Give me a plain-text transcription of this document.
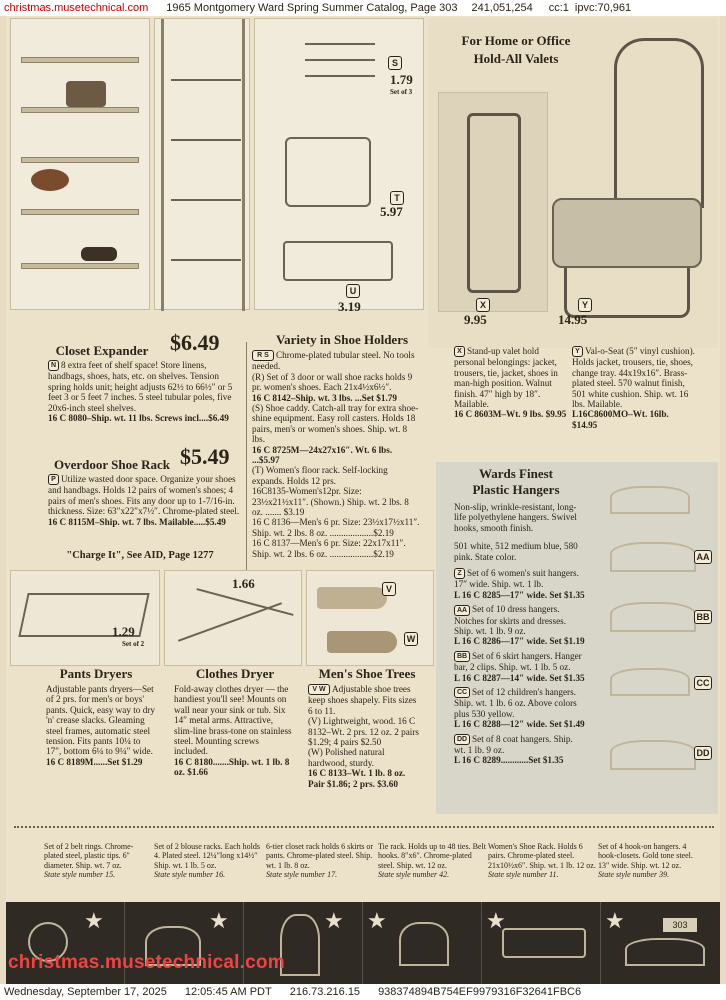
christmas.musetechnical.com 1965 Montgomery Ward Spring Summer Catalog, Page 303 241,051,254 cc:1 ipvc:70,961
S
1.79
Set of 3
T
5.97
U
3.19
For Home or Office
Hold-All Valets
X
9.95
Y
14.95
Closet Expander $6.49
N 8 extra feet of shelf space! Store linens, handbags, shoes, hats, etc. on shelves. Tension spring holds unit; height adjusts 62½ to 66½″ or 5 feet 3 or 5 feet 7 inches. 5 steel tubular poles, five 20x6-inch steel shelves.
16 C 8080–Ship. wt. 11 lbs. Screws incl....$6.49
Overdoor Shoe Rack $5.49
P Utilize wasted door space. Organize your shoes and handbags. Holds 12 pairs of women's shoes; 4 pairs of men's shoes. Fits any door up to 1-7/16-in. thickness. Size: 63″x22″x7½″. Chrome-plated steel.
16 C 8115M–Ship. wt. 7 lbs. Mailable.....$5.49
"Charge It", See AID, Page 1277
Variety in Shoe Holders
R S Chrome-plated tubular steel. No tools needed.
(R) Set of 3 door or wall shoe racks holds 9 pr. women's shoes. Each 21x4½x6½″.
16 C 8142–Ship. wt. 3 lbs. ...Set $1.79
(S) Shoe caddy. Catch-all tray for extra shoe-shine equipment. Easy roll casters. Holds 18 pairs, men's or women's shoes. Ship. wt. 8 lbs.
16 C 8725M—24x27x16″. Wt. 6 lbs. ...$5.97
(T) Women's floor rack. Self-locking expands. Holds 12 prs.
16C8135-Women's12pr. Size: 23½x21½x11″. (Shown.) Ship. wt. 2 lbs. 8 oz. ....... $3.19
16 C 8136—Men's 6 pr. Size: 23½x17½x11″. Ship. wt. 2 lbs. 8 oz. ...................$2.19
16 C 8137—Men's 6 pr. Size: 22x17x11″. Ship. wt. 2 lbs. 6 oz. ...................$2.19
X Stand-up valet hold personal belongings: jacket, trousers, tie, jacket, shoes in man-high position. Walnut finish. 47″ high by 18″. Mailable.
16 C 8603M–Wt. 9 lbs. $9.95
Y Val-o-Seat (5″ vinyl cushion). Holds jacket, trousers, tie, shoes, change tray. 44x19x16″. Brass-plated steel. 570 walnut finish, 501 white cushion. Ship. wt. 16 lbs. Mailable.
L16C8600MO–Wt. 16lb. $14.95
Wards Finest
Plastic Hangers
Non-slip, wrinkle-resistant, long-life polyethylene hangers. Swivel hooks, smooth finish.
501 white, 512 medium blue, 580 pink. State color.
Z Set of 6 women's suit hangers. 17″ wide. Ship. wt. 1 lb.
L 16 C 8285—17″ wide. Set $1.35
AA Set of 10 dress hangers. Notches for skirts and dresses. Ship. wt. 1 lb. 9 oz.
L 16 C 8286—17″ wide. Set $1.19
BB Set of 6 skirt hangers. Hanger bar, 2 clips. Ship. wt. 1 lb. 5 oz.
L 16 C 8287—14″ wide. Set $1.35
CC Set of 12 children's hangers. Ship. wt. 1 lb. 6 oz. Above colors plus 530 yellow.
L 16 C 8288—12″ wide. Set $1.49
DD Set of 8 coat hangers. Ship. wt. 1 lb. 9 oz.
L 16 C 8289............Set $1.35
AA
BB
CC
DD
1.29
Set of 2
1.66	V
W
Pants Dryers
Adjustable pants dryers—Set of 2 prs. for men's or boys' pants. Quick, easy way to dry 'n' crease slacks. Gleaming steel frames, automatic steel tension. Fits pants 10¼ to 17″, bottom 6¼ to 9¼″ wide.
16 C 8189M......Set $1.29
Clothes Dryer
Fold-away clothes dryer — the handiest you'll see! Mounts on wall near your sink or tub. Six 14″ metal arms. Attractive, slim-line brass-tone on stainless steel. Mounting screws included.
16 C 8180.......Ship. wt. 1 lb. 8 oz. $1.66
Men's Shoe Trees
V W Adjustable shoe trees keep shoes shapely. Fits sizes 6 to 11.
(V) Lightweight, wood. 16 C 8132–Wt. 2 prs. 12 oz. 2 pairs $1.29; 4 pairs $2.50
(W) Polished natural hardwood, sturdy.
16 C 8133–Wt. 1 lb. 8 oz. Pair $1.86; 2 prs. $3.60
Set of 2 belt rings. Chrome-plated steel, plastic tips. 6″ diameter. Ship. wt. 7 oz.
State style number 15.
Set of 2 blouse racks. Each holds 4. Plated steel. 12¼″long x14½″ Ship. wt. 1 lb. 5 oz.
State style number 16.
6-tier closet rack holds 6 skirts or pants. Chrome-plated steel. Ship. wt. 1 lb. 8 oz.
State style number 17.
Tie rack. Holds up to 48 ties. Belt hooks. 8″x6″. Chrome-plated steel. Ship. wt. 12 oz.
State style number 42.
Women's Shoe Rack. Holds 6 pairs. Chrome-plated steel. 21x10½x6″. Ship. wt. 1 lb. 12 oz.
State style number 11.
Set of 4 hook-on hangers. 4 hook-closets. Gold tone steel. 13″ wide. Ship. wt. 12 oz.
State style number 39.
★	★	★ ★	★	★	303
christmas.musetechnical.com
Wednesday, September 17, 2025 12:05:45 AM PDT 216.73.216.15 938374894B754EF9979316F32641FBC6
